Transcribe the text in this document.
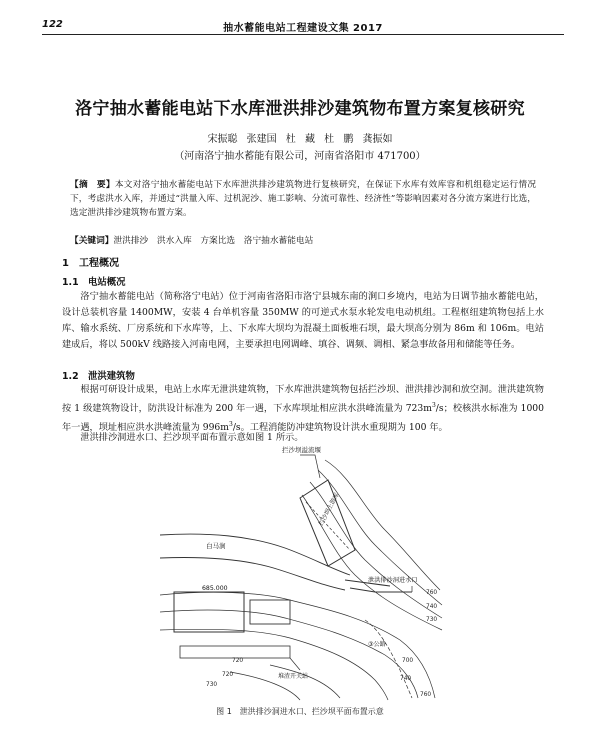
122	抽水蓄能电站工程建设文集 2017
洛宁抽水蓄能电站下水库泄洪排沙建筑物布置方案复核研究
宋振聪 张建国 杜 藏 杜 鹏 龚振如
（河南洛宁抽水蓄能有限公司，河南省洛阳市 471700）
【摘　要】本文对洛宁抽水蓄能电站下水库泄洪排沙建筑物进行复核研究，在保证下水库有效库容和机组稳定运行情况下，考虑洪水入库，并通过“洪量入库、过机泥沙、施工影响、分流可靠性、经济性”等影响因素对各分流方案进行比选，选定泄洪排沙建筑物布置方案。
【关键词】泄洪排沙　洪水入库　方案比选　洛宁抽水蓄能电站
1　工程概况
1.1　电站概况
洛宁抽水蓄能电站（简称洛宁电站）位于河南省洛阳市洛宁县城东南的涧口乡境内，电站为日调节抽水蓄能电站，设计总装机容量 1400MW，安装 4 台单机容量 350MW 的可逆式水泵水轮发电电动机组。工程枢纽建筑物包括上水库、输水系统、厂房系统和下水库等，上、下水库大坝均为混凝土面板堆石坝，最大坝高分别为 86m 和 106m。电站建成后，将以 500kV 线路接入河南电网，主要承担电网调峰、填谷、调频、调相、紧急事故备用和储能等任务。
1.2　泄洪建筑物
根据可研设计成果，电站上水库无泄洪建筑物，下水库泄洪建筑物包括拦沙坝、泄洪排沙洞和放空洞。泄洪建筑物按 1 级建筑物设计，防洪设计标准为 200 年一遇，下水库坝址相应洪水洪峰流量为 $723m^3/s$；校核洪水标准为 1000 年一遇，坝址相应洪水洪峰流量为 $996m^3/s$。工程消能防冲建筑物设计洪水重现期为 100 年。
泄洪排沙洞进水口、拦沙坝平面布置示意如图 1 所示。
拦沙坝溢流堰
白马涧
泄洪排沙洞进水口
685.000
拦沙坝上游库
堆渣开关站
③公路
760
740
730
720	700
720
730
740
760
图 1　泄洪排沙洞进水口、拦沙坝平面布置示意
